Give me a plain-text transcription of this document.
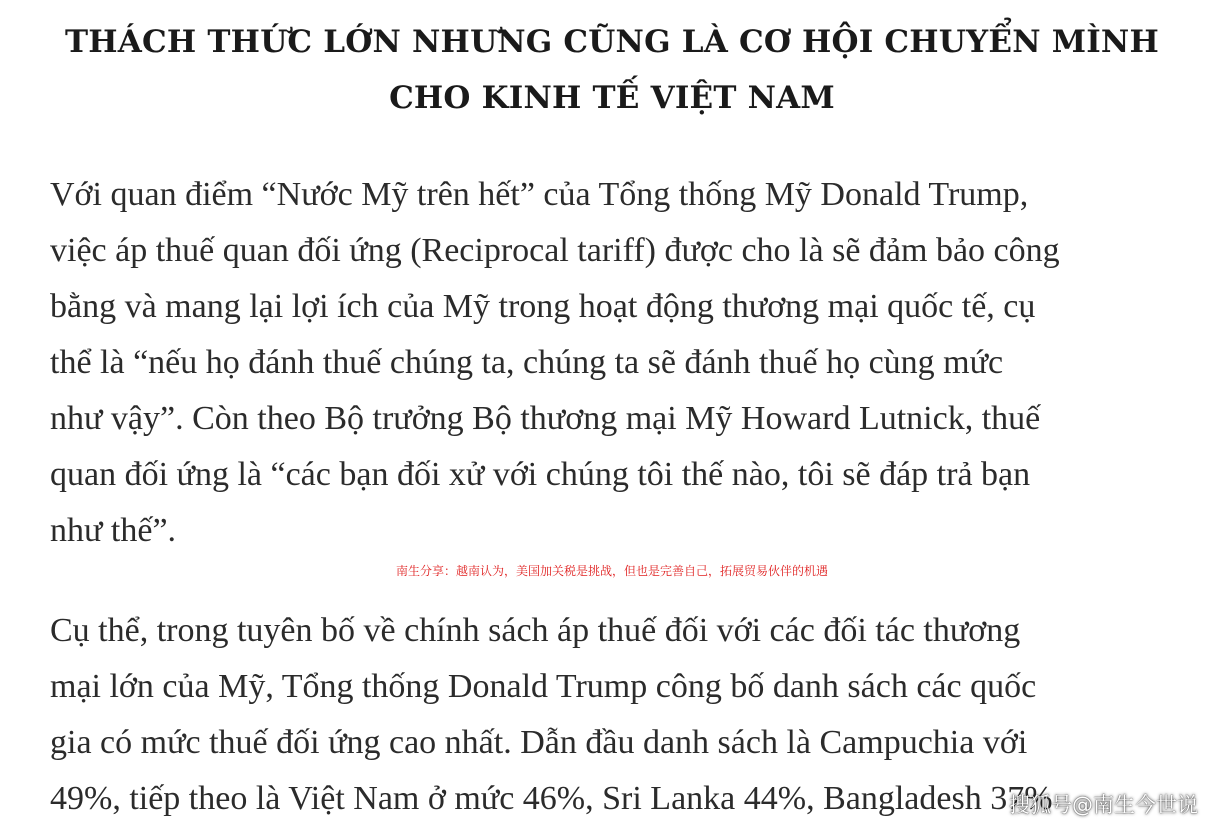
THÁCH THỨC LỚN NHƯNG CŨNG LÀ CƠ HỘI CHUYỂN MÌNH
CHO KINH TẾ VIỆT NAM
Với quan điểm “Nước Mỹ trên hết” của Tổng thống Mỹ Donald Trump,
việc áp thuế quan đối ứng (Reciprocal tariff) được cho là sẽ đảm bảo công
bằng và mang lại lợi ích của Mỹ trong hoạt động thương mại quốc tế, cụ
thể là “nếu họ đánh thuế chúng ta, chúng ta sẽ đánh thuế họ cùng mức
như vậy”. Còn theo Bộ trưởng Bộ thương mại Mỹ Howard Lutnick, thuế
quan đối ứng là “các bạn đối xử với chúng tôi thế nào, tôi sẽ đáp trả bạn
như thế”.
南生分享：越南认为，美国加关税是挑战，但也是完善自己，拓展贸易伙伴的机遇
Cụ thể, trong tuyên bố về chính sách áp thuế đối với các đối tác thương
mại lớn của Mỹ, Tổng thống Donald Trump công bố danh sách các quốc
gia có mức thuế đối ứng cao nhất. Dẫn đầu danh sách là Campuchia với
49%, tiếp theo là Việt Nam ở mức 46%, Sri Lanka 44%, Bangladesh 37%
搜狐号@南生今世说
